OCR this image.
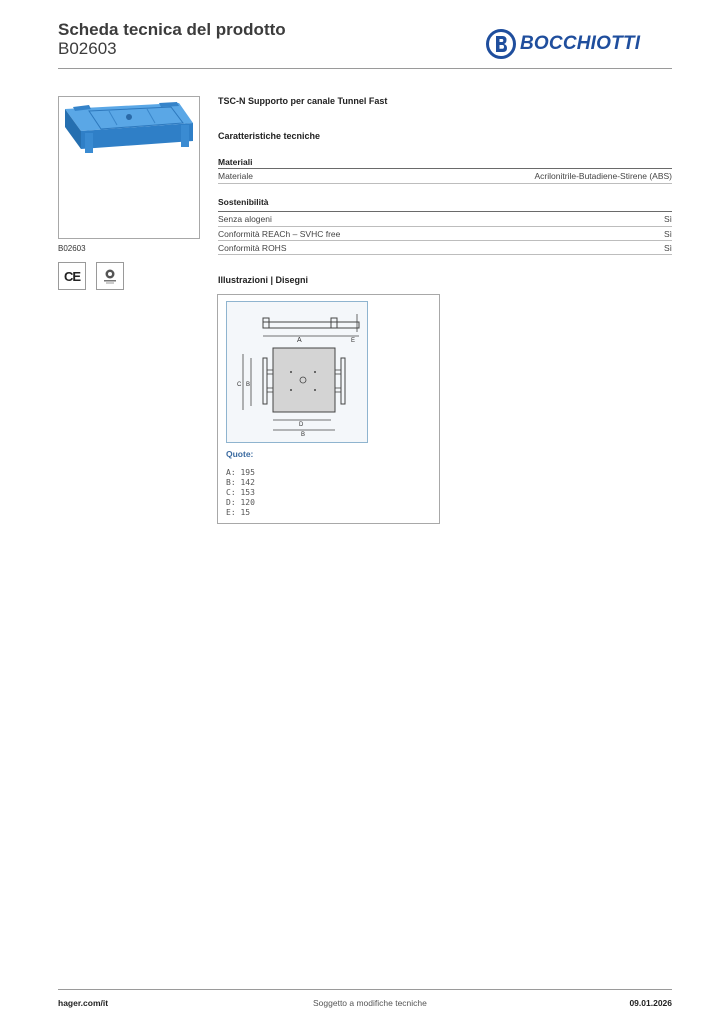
Scheda tecnica del prodotto
B02603	BOCCHIOTTI
B02603
CE
TSC-N Supporto per canale Tunnel Fast
Caratteristiche tecniche
Materiali
Materiale	Acrilonitrile-Butadiene-Stirene (ABS)
Sostenibilità
Senza alogeni	Sì
Conformità REACh – SVHC free	Sì
Conformità ROHS	Sì
Illustrazioni | Disegni
A	E
C B
D
B
Quote:
A: 195
B: 142
C: 153
D: 120
E: 15
hager.com/it	Soggetto a modifiche tecniche	09.01.2026
